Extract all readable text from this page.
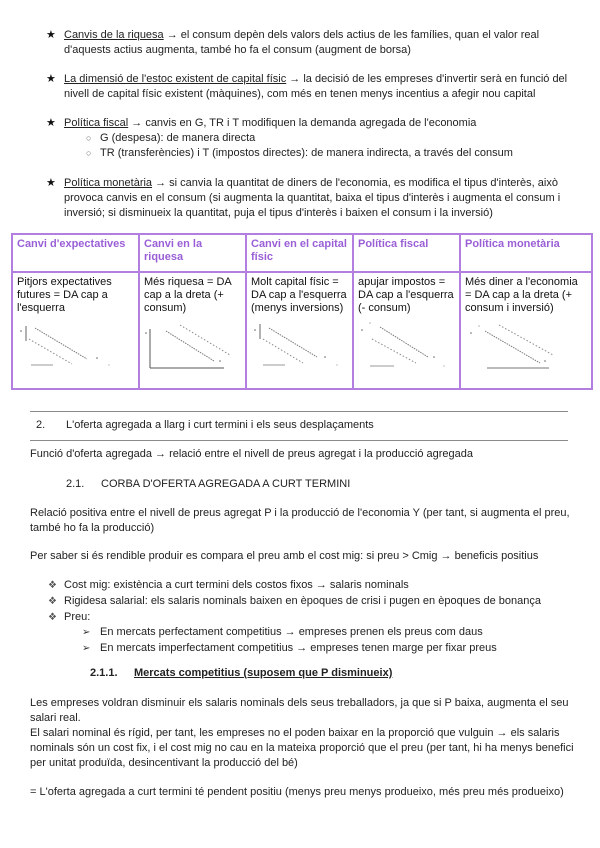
★ Canvis de la riquesa → el consum depèn dels valors dels actius de les famílies, quan el valor real d'aquests actius augmenta, també ho fa el consum (augment de borsa)
★ La dimensió de l'estoc existent de capital físic → la decisió de les empreses d'invertir serà en funció del nivell de capital físic existent (màquines), com més en tenen menys incentius a afegir nou capital
★ Política fiscal → canvis en G, TR i T modifiquen la demanda agregada de l'economia
○ G (despesa): de manera directa
○ TR (transferències) i T (impostos directes): de manera indirecta, a través del consum
★ Política monetària → si canvia la quantitat de diners de l'economia, es modifica el tipus d'interès, això provoca canvis en el consum (si augmenta la quantitat, baixa el tipus d'interès i augmenta el consum i inversió; si disminueix la quantitat, puja el tipus d'interès i baixen el consum i la inversió)
Canvi d'expectatives	Canvi en la riquesa	Canvi en el capital físic	Política fiscal	Política monetària

Pitjors expectatives futures = DA cap a l'esquerra	Més riquesa = DA cap a la dreta (+ consum)	Molt capital físic = DA cap a l'esquerra (menys inversions)	apujar impostos = DA cap a l'esquerra (- consum)	Més diner a l'economia = DA cap a la dreta (+ consum i inversió)
2. L'oferta agregada a llarg i curt termini i els seus desplaçaments
Funció d'oferta agregada → relació entre el nivell de preus agregat i la producció agregada
2.1. CORBA D'OFERTA AGREGADA A CURT TERMINI
Relació positiva entre el nivell de preus agregat P i la producció de l'economia Y (per tant, si augmenta el preu, també ho fa la producció)
Per saber si és rendible produir es compara el preu amb el cost mig: si preu > Cmig → beneficis positius
❖ Cost mig: existència a curt termini dels costos fixos → salaris nominals
❖ Rigidesa salarial: els salaris nominals baixen en èpoques de crisi i pugen en èpoques de bonança
❖ Preu:
➢ En mercats perfectament competitius → empreses prenen els preus com daus
➢ En mercats imperfectament competitius → empreses tenen marge per fixar preus
2.1.1. Mercats competitius (suposem que P disminueix)
Les empreses voldran disminuir els salaris nominals dels seus treballadors, ja que si P baixa, augmenta el seu salari real.
El salari nominal és rígid, per tant, les empreses no el poden baixar en la proporció que vulguin → els salaris nominals són un cost fix, i el cost mig no cau en la mateixa proporció que el preu (per tant, hi ha menys benefici per unitat produïda, desincentivant la producció del bé)
= L'oferta agregada a curt termini té pendent positiu (menys preu menys produeixo, més preu més produeixo)
